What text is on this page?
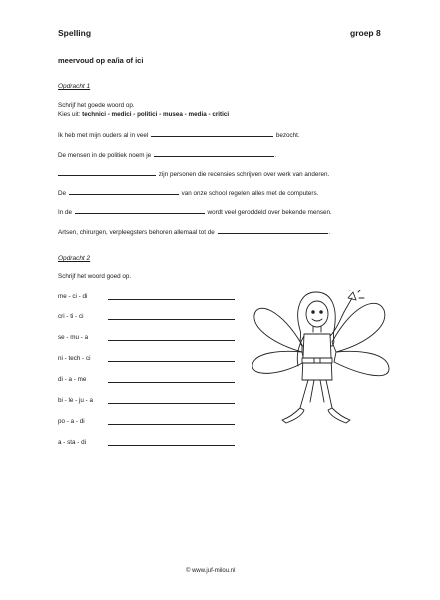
Spelling	groep 8
meervoud op ea/ia of ici
Opdracht 1
Schrijf het goede woord op.
Kies uit: technici - medici - politici - musea - media - critici
Ik heb met mijn ouders al in veel	bezocht.
De mensen in de politiek noem je	.
zijn personen die recensies schrijven over werk van anderen.
De	van onze school regelen alles met de computers.
In de	wordt veel geroddeld over bekende mensen.
Artsen, chirurgen, verpleegsters behoren allemaal tot de	.
Opdracht 2
Schrijf het woord goed op.
me - ci - di
cri - ti - ci
se - mu - a
ni - tech - ci
di - a - me
bi - le - ju - a
po - a - di
a - sta - di
© www.juf-milou.nl
